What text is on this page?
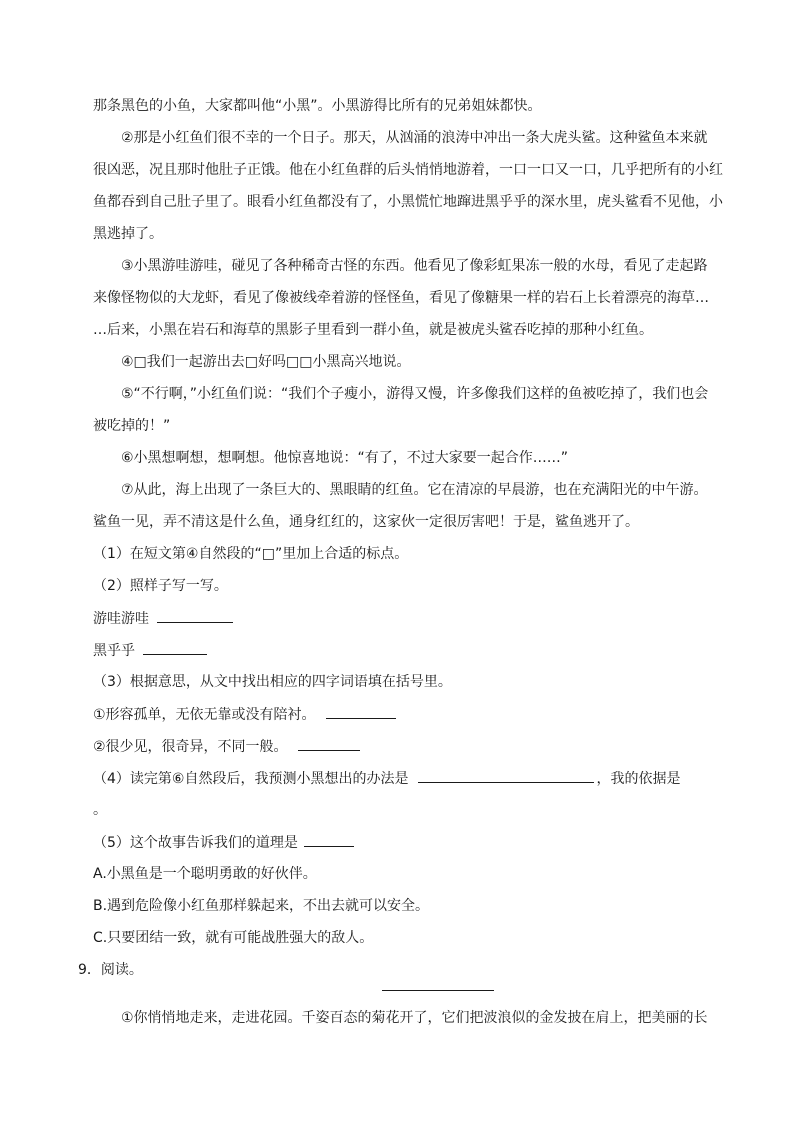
那条黑色的小鱼，大家都叫他“小黑”。小黑游得比所有的兄弟姐妹都快。
②那是小红鱼们很不幸的一个日子。那天，从汹涌的浪涛中冲出一条大虎头鲨。这种鲨鱼本来就
很凶恶，况且那时他肚子正饿。他在小红鱼群的后头悄悄地游着，一口一口又一口，几乎把所有的小红
鱼都吞到自己肚子里了。眼看小红鱼都没有了，小黑慌忙地蹿进黑乎乎的深水里，虎头鲨看不见他，小
黑逃掉了。
③小黑游哇游哇，碰见了各种稀奇古怪的东西。他看见了像彩虹果冻一般的水母，看见了走起路
来像怪物似的大龙虾，看见了像被线牵着游的怪怪鱼，看见了像糖果一样的岩石上长着漂亮的海草…
…后来，小黑在岩石和海草的黑影子里看到一群小鱼，就是被虎头鲨吞吃掉的那种小红鱼。
④□我们一起游出去□好吗□□小黑高兴地说。
⑤“不行啊，”小红鱼们说：“我们个子瘦小，游得又慢，许多像我们这样的鱼被吃掉了，我们也会
被吃掉的！”
⑥小黑想啊想，想啊想。他惊喜地说：“有了，不过大家要一起合作……”
⑦从此，海上出现了一条巨大的、黑眼睛的红鱼。它在清凉的早晨游，也在充满阳光的中午游。
鲨鱼一见，弄不清这是什么鱼，通身红红的，这家伙一定很厉害吧！于是，鲨鱼逃开了。
（1）在短文第④自然段的“□”里加上合适的标点。
（2）照样子写一写。
游哇游哇
黑乎乎
（3）根据意思，从文中找出相应的四字词语填在括号里。
①形容孤单，无依无靠或没有陪衬。
②很少见，很奇异，不同一般。
（4）读完第⑥自然段后，我预测小黑想出的办法是	，我的依据是
。
（5）这个故事告诉我们的道理是
A.小黑鱼是一个聪明勇敢的好伙伴。
B.遇到危险像小红鱼那样躲起来，不出去就可以安全。
C.只要团结一致，就有可能战胜强大的敌人。
9．阅读。
①你悄悄地走来，走进花园。千姿百态的菊花开了，它们把波浪似的金发披在肩上，把美丽的长
